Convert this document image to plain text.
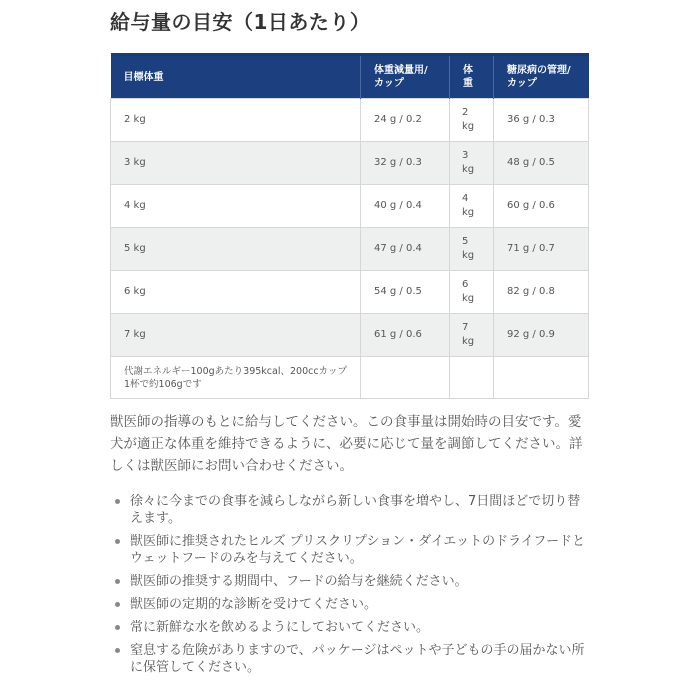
給与量の目安（1日あたり）
目標体重	体重減量用/カップ	体重	糖尿病の管理/カップ
2 kg	24 g / 0.2	2 kg	36 g / 0.3
3 kg	32 g / 0.3	3 kg	48 g / 0.5
4 kg	40 g / 0.4	4 kg	60 g / 0.6
5 kg	47 g / 0.4	5 kg	71 g / 0.7
6 kg	54 g / 0.5	6 kg	82 g / 0.8
7 kg	61 g / 0.6	7 kg	92 g / 0.9
代謝エネルギー100gあたり395kcal、200ccカップ1杯で約106gです			

獣医師の指導のもとに給与してください。この食事量は開始時の目安です。愛犬が適正な体重を維持できるように、必要に応じて量を調節してください。詳しくは獣医師にお問い合わせください。

徐々に今までの食事を減らしながら新しい食事を増やし、7日間ほどで切り替えます。
獣医師に推奨されたヒルズ プリスクリプション・ダイエットのドライフードとウェットフードのみを与えてください。
獣医師の推奨する期間中、フードの給与を継続ください。
獣医師の定期的な診断を受けてください。
常に新鮮な水を飲めるようにしておいてください。
窒息する危険がありますので、パッケージはペットや子どもの手の届かない所に保管してください。
